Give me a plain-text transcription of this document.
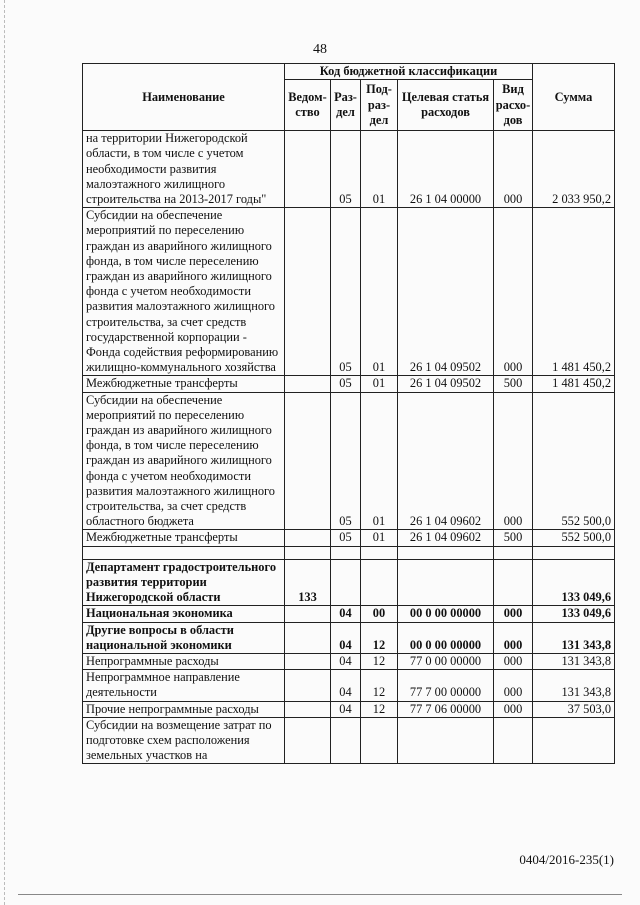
48
Наименование	Код бюджетной классификации					Сумма
	Ведом-ство	Раз-дел	Под-раз-дел	Целевая статья расходов	Вид расхо-дов	
на территории Нижегородской области, в том числе с учетом необходимости развития малоэтажного жилищного строительства на 2013-2017 годы"		05	01	26 1 04 00000	000	2 033 950,2
Субсидии на обеспечение мероприятий по переселению граждан из аварийного жилищного фонда, в том числе переселению граждан из аварийного жилищного фонда с учетом необходимости развития малоэтажного жилищного строительства, за счет средств государственной корпорации - Фонда содействия реформированию жилищно-коммунального хозяйства		05	01	26 1 04 09502	000	1 481 450,2
Межбюджетные трансферты		05	01	26 1 04 09502	500	1 481 450,2
Субсидии на обеспечение мероприятий по переселению граждан из аварийного жилищного фонда, в том числе переселению граждан из аварийного жилищного фонда с учетом необходимости развития малоэтажного жилищного строительства, за счет средств областного бюджета		05	01	26 1 04 09602	000	552 500,0
Межбюджетные трансферты		05	01	26 1 04 09602	500	552 500,0

Департамент градостроительного развития территории Нижегородской области	133					133 049,6
Национальная экономика		04	00	00 0 00 00000	000	133 049,6
Другие вопросы в области национальной экономики		04	12	00 0 00 00000	000	131 343,8
Непрограммные расходы		04	12	77 0 00 00000	000	131 343,8
Непрограммное направление деятельности		04	12	77 7 00 00000	000	131 343,8
Прочие непрограммные расходы		04	12	77 7 06 00000	000	37 503,0
Субсидии на возмещение затрат по подготовке схем расположения земельных участков на						
0404/2016-235(1)
